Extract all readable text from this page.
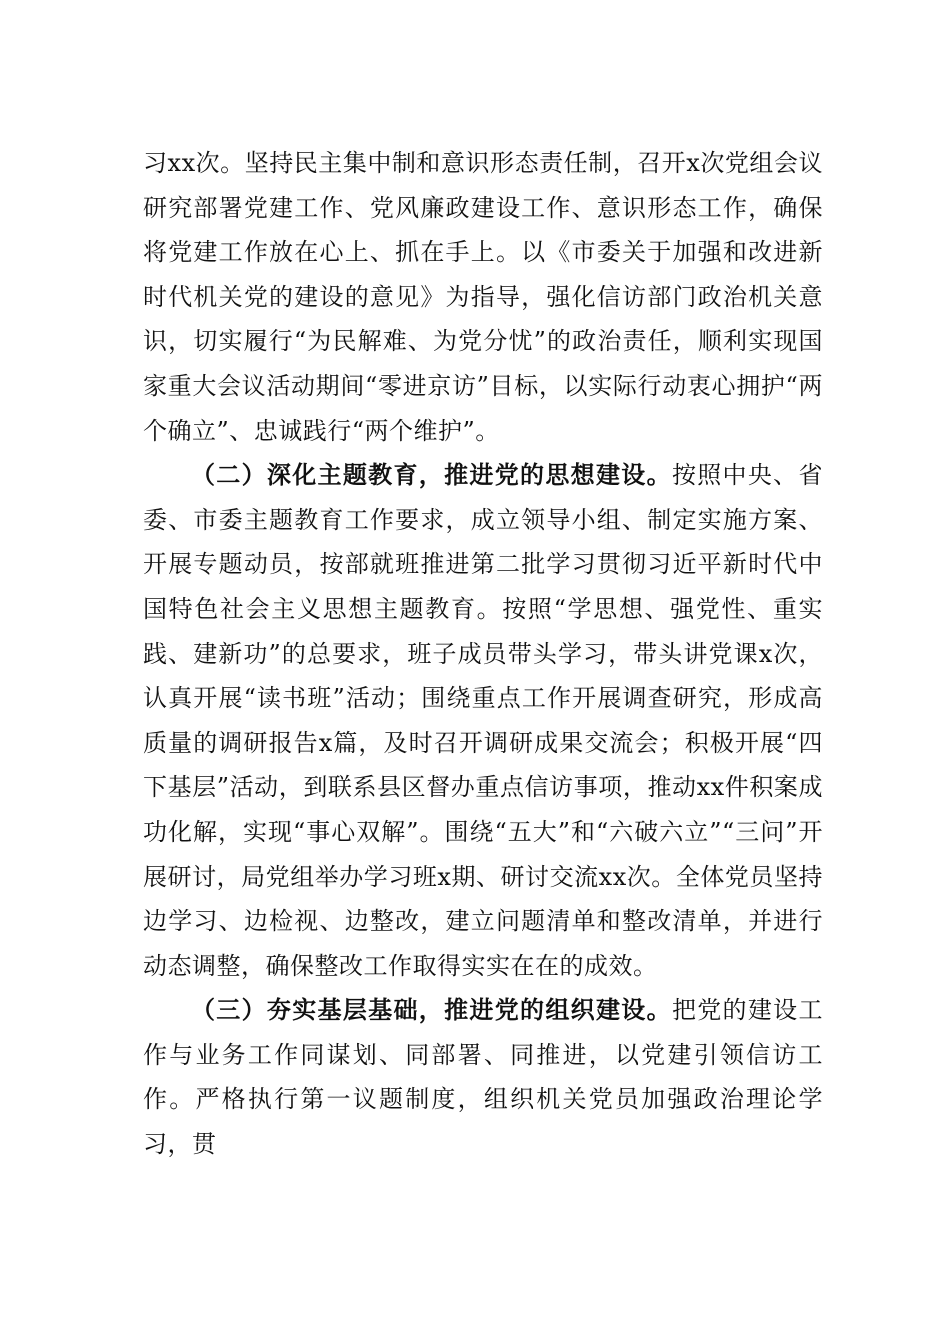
习xx次。坚持民主集中制和意识形态责任制，召开x次党组会议研究部署党建工作、党风廉政建设工作、意识形态工作，确保将党建工作放在心上、抓在手上。以《市委关于加强和改进新时代机关党的建设的意见》为指导，强化信访部门政治机关意识，切实履行“为民解难、为党分忧”的政治责任，顺利实现国家重大会议活动期间“零进京访”目标，以实际行动衷心拥护“两个确立”、忠诚践行“两个维护”。

（二）深化主题教育，推进党的思想建设。按照中央、省委、市委主题教育工作要求，成立领导小组、制定实施方案、开展专题动员，按部就班推进第二批学习贯彻习近平新时代中国特色社会主义思想主题教育。按照“学思想、强党性、重实践、建新功”的总要求，班子成员带头学习，带头讲党课x次，认真开展“读书班”活动；围绕重点工作开展调查研究，形成高质量的调研报告x篇，及时召开调研成果交流会；积极开展“四下基层”活动，到联系县区督办重点信访事项，推动xx件积案成功化解，实现“事心双解”。围绕“五大”和“六破六立”“三问”开展研讨，局党组举办学习班x期、研讨交流xx次。全体党员坚持边学习、边检视、边整改，建立问题清单和整改清单，并进行动态调整，确保整改工作取得实实在在的成效。

（三）夯实基层基础，推进党的组织建设。把党的建设工作与业务工作同谋划、同部署、同推进，以党建引领信访工作。严格执行第一议题制度，组织机关党员加强政治理论学习，贯
